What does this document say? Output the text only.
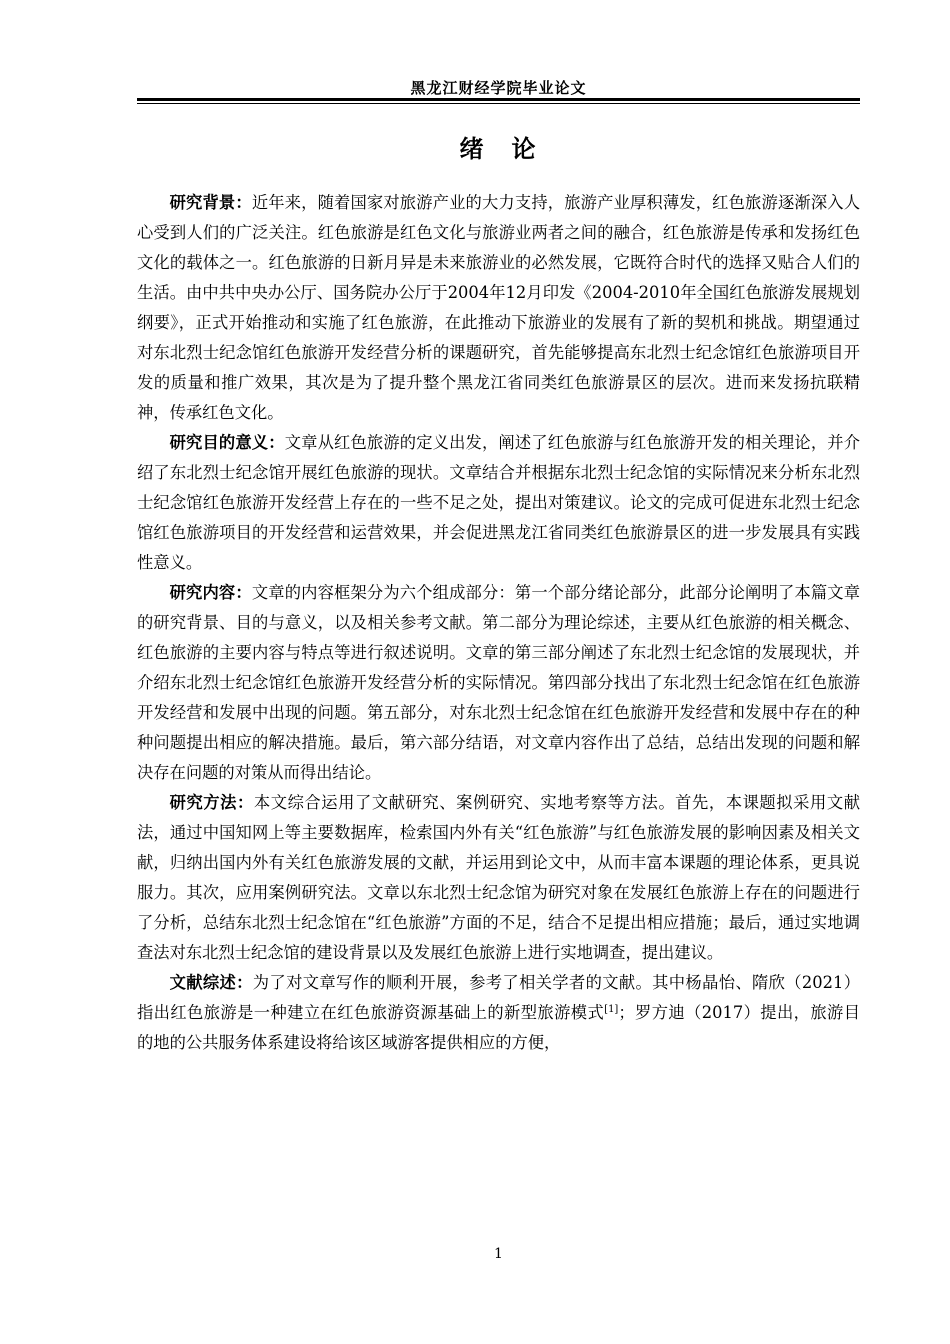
黑龙江财经学院毕业论文
绪　论

研究背景：近年来，随着国家对旅游产业的大力支持，旅游产业厚积薄发，红色旅游逐渐深入人心受到人们的广泛关注。红色旅游是红色文化与旅游业两者之间的融合，红色旅游是传承和发扬红色文化的载体之一。红色旅游的日新月异是未来旅游业的必然发展，它既符合时代的选择又贴合人们的生活。由中共中央办公厅、国务院办公厅于2004年12月印发《2004-2010年全国红色旅游发展规划纲要》，正式开始推动和实施了红色旅游，在此推动下旅游业的发展有了新的契机和挑战。期望通过对东北烈士纪念馆红色旅游开发经营分析的课题研究，首先能够提高东北烈士纪念馆红色旅游项目开发的质量和推广效果，其次是为了提升整个黑龙江省同类红色旅游景区的层次。进而来发扬抗联精神，传承红色文化。

研究目的意义：文章从红色旅游的定义出发，阐述了红色旅游与红色旅游开发的相关理论，并介绍了东北烈士纪念馆开展红色旅游的现状。文章结合并根据东北烈士纪念馆的实际情况来分析东北烈士纪念馆红色旅游开发经营上存在的一些不足之处，提出对策建议。论文的完成可促进东北烈士纪念馆红色旅游项目的开发经营和运营效果，并会促进黑龙江省同类红色旅游景区的进一步发展具有实践性意义。

研究内容：文章的内容框架分为六个组成部分：第一个部分绪论部分，此部分论阐明了本篇文章的研究背景、目的与意义，以及相关参考文献。第二部分为理论综述，主要从红色旅游的相关概念、红色旅游的主要内容与特点等进行叙述说明。文章的第三部分阐述了东北烈士纪念馆的发展现状，并介绍东北烈士纪念馆红色旅游开发经营分析的实际情况。第四部分找出了东北烈士纪念馆在红色旅游开发经营和发展中出现的问题。第五部分，对东北烈士纪念馆在红色旅游开发经营和发展中存在的种种问题提出相应的解决措施。最后，第六部分结语，对文章内容作出了总结，总结出发现的问题和解决存在问题的对策从而得出结论。

研究方法：本文综合运用了文献研究、案例研究、实地考察等方法。首先，本课题拟采用文献法，通过中国知网上等主要数据库，检索国内外有关“红色旅游”与红色旅游发展的影响因素及相关文献，归纳出国内外有关红色旅游发展的文献，并运用到论文中，从而丰富本课题的理论体系，更具说服力。其次，应用案例研究法。文章以东北烈士纪念馆为研究对象在发展红色旅游上存在的问题进行了分析，总结东北烈士纪念馆在“红色旅游”方面的不足，结合不足提出相应措施；最后，通过实地调查法对东北烈士纪念馆的建设背景以及发展红色旅游上进行实地调查，提出建议。

文献综述：为了对文章写作的顺利开展，参考了相关学者的文献。其中杨晶怡、隋欣（2021）指出红色旅游是一种建立在红色旅游资源基础上的新型旅游模式[1]；罗方迪（2017）提出，旅游目的地的公共服务体系建设将给该区域游客提供相应的方便，

1
